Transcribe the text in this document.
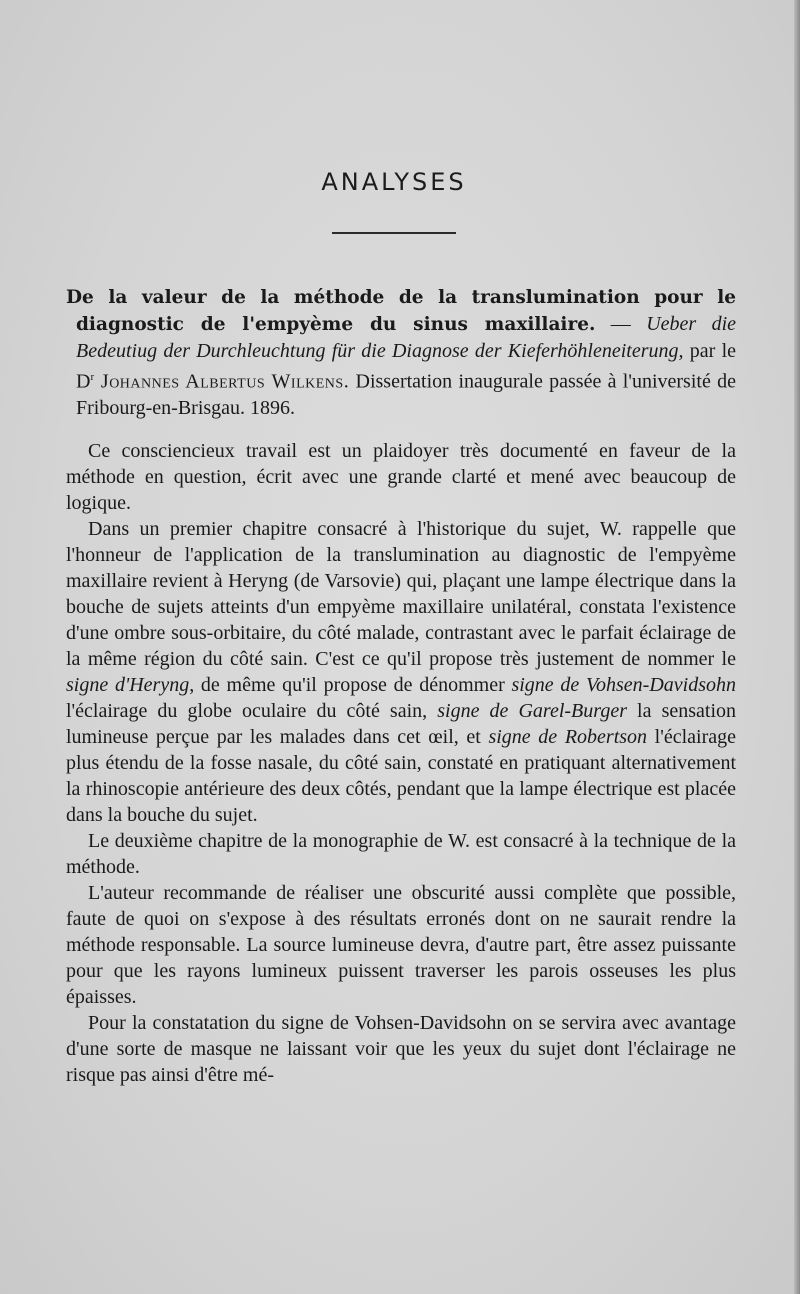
ANALYSES

De la valeur de la méthode de la translumination pour le diagnostic de l'empyème du sinus maxillaire. — Ueber die Bedeutiug der Durchleuchtung für die Diagnose der Kieferhöhleneiterung, par le $D^r$ Johannes Albertus Wilkens. Dissertation inaugurale passée à l'université de Fribourg-en-Brisgau. 1896.

Ce consciencieux travail est un plaidoyer très documenté en faveur de la méthode en question, écrit avec une grande clarté et mené avec beaucoup de logique.

Dans un premier chapitre consacré à l'historique du sujet, W. rappelle que l'honneur de l'application de la translumination au diagnostic de l'empyème maxillaire revient à Heryng (de Varsovie) qui, plaçant une lampe électrique dans la bouche de sujets atteints d'un empyème maxillaire unilatéral, constata l'existence d'une ombre sous-orbitaire, du côté malade, contrastant avec le parfait éclairage de la même région du côté sain. C'est ce qu'il propose très justement de nommer le signe d'Heryng, de même qu'il propose de dénommer signe de Vohsen-Davidsohn l'éclairage du globe oculaire du côté sain, signe de Garel-Burger la sensation lumineuse perçue par les malades dans cet œil, et signe de Robertson l'éclairage plus étendu de la fosse nasale, du côté sain, constaté en pratiquant alternativement la rhinoscopie antérieure des deux côtés, pendant que la lampe électrique est placée dans la bouche du sujet.

Le deuxième chapitre de la monographie de W. est consacré à la technique de la méthode.

L'auteur recommande de réaliser une obscurité aussi complète que possible, faute de quoi on s'expose à des résultats erronés dont on ne saurait rendre la méthode responsable. La source lumineuse devra, d'autre part, être assez puissante pour que les rayons lumineux puissent traverser les parois osseuses les plus épaisses.

Pour la constatation du signe de Vohsen-Davidsohn on se servira avec avantage d'une sorte de masque ne laissant voir que les yeux du sujet dont l'éclairage ne risque pas ainsi d'être mé-
